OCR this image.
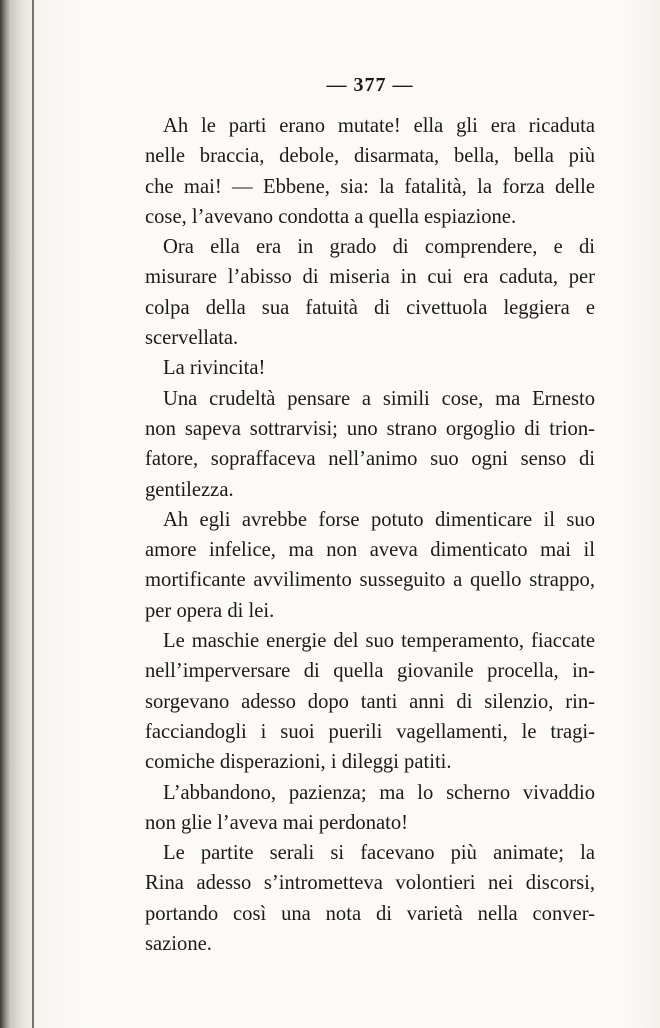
— 377 —
Ah le parti erano mutate! ella gli era ricaduta
nelle braccia, debole, disarmata, bella, bella più
che mai! — Ebbene, sia: la fatalità, la forza delle
cose, l’avevano condotta a quella espiazione.
Ora ella era in grado di comprendere, e di
misurare l’abisso di miseria in cui era caduta, per
colpa della sua fatuità di civettuola leggiera e
scervellata.
La rivincita!
Una crudeltà pensare a simili cose, ma Ernesto
non sapeva sottrarvisi; uno strano orgoglio di trion-
fatore, sopraffaceva nell’animo suo ogni senso di
gentilezza.
Ah egli avrebbe forse potuto dimenticare il suo
amore infelice, ma non aveva dimenticato mai il
mortificante avvilimento susseguito a quello strappo,
per opera di lei.
Le maschie energie del suo temperamento, fiaccate
nell’imperversare di quella giovanile procella, in-
sorgevano adesso dopo tanti anni di silenzio, rin-
facciandogli i suoi puerili vagellamenti, le tragi-
comiche disperazioni, i dileggi patiti.
L’abbandono, pazienza; ma lo scherno vivaddio
non glie l’aveva mai perdonato!
Le partite serali si facevano più animate; la
Rina adesso s’intrometteva volontieri nei discorsi,
portando così una nota di varietà nella conver-
sazione.
